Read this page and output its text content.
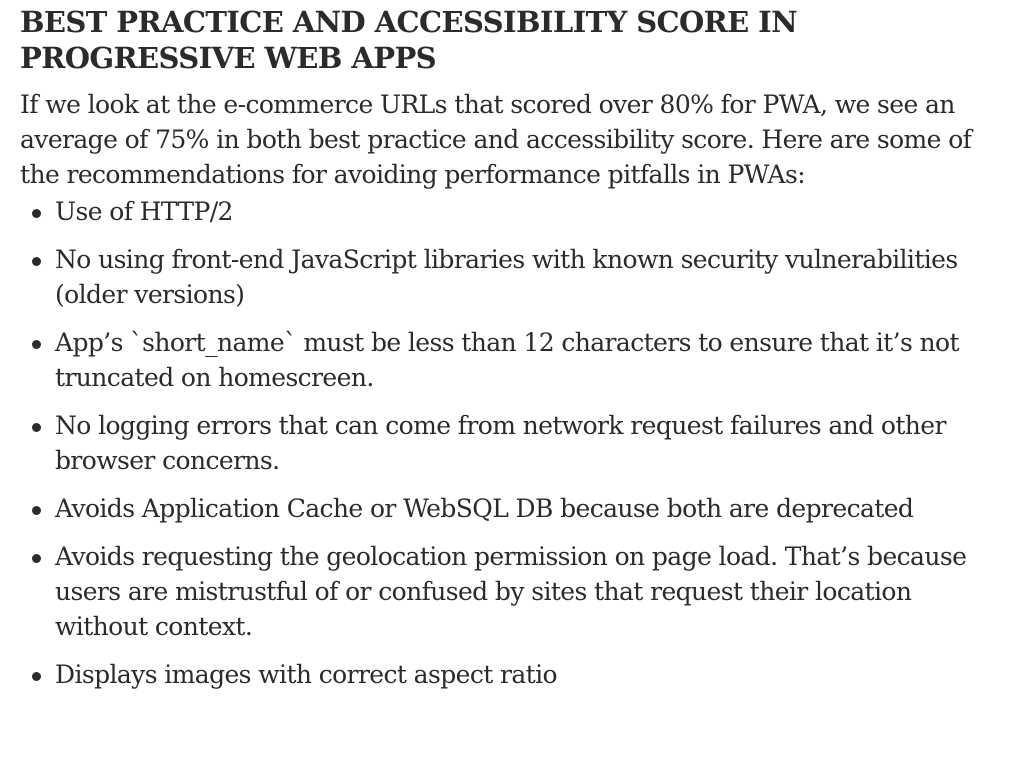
BEST PRACTICE AND ACCESSIBILITY SCORE IN PROGRESSIVE WEB APPS

If we look at the e-commerce URLs that scored over 80% for PWA, we see an average of 75% in both best practice and accessibility score. Here are some of the recommendations for avoiding performance pitfalls in PWAs:

Use of HTTP/2
No using front-end JavaScript libraries with known security vulnerabilities (older versions)
App’s `short_name` must be less than 12 characters to ensure that it’s not truncated on homescreen.
No logging errors that can come from network request failures and other browser concerns.
Avoids Application Cache or WebSQL DB because both are deprecated
Avoids requesting the geolocation permission on page load. That’s because users are mistrustful of or confused by sites that request their location without context.
Displays images with correct aspect ratio
